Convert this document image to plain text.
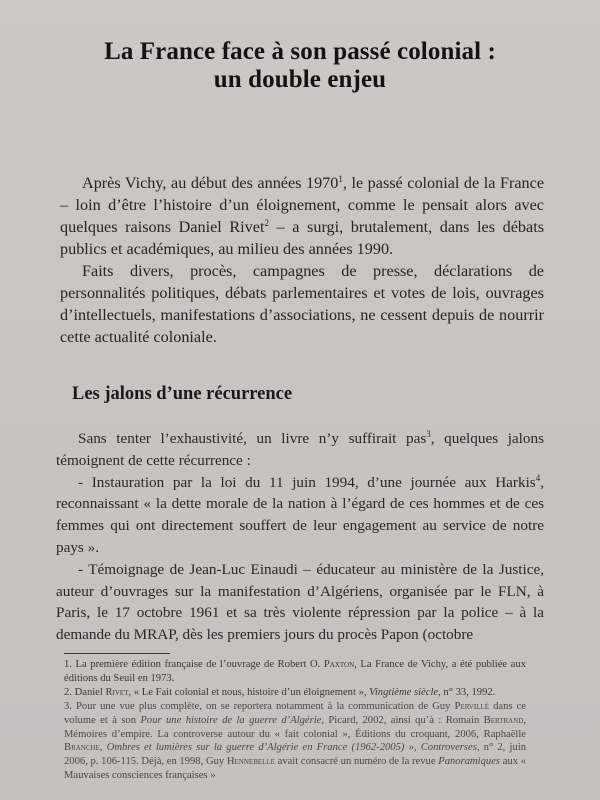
La France face à son passé colonial :
un double enjeu

Après Vichy, au début des années 1970$^1$, le passé colonial de la France – loin d’être l’histoire d’un éloignement, comme le pensait alors avec quelques raisons Daniel Rivet$^2$ – a surgi, brutalement, dans les débats publics et académiques, au milieu des années 1990.

Faits divers, procès, campagnes de presse, déclarations de personnalités politiques, débats parlementaires et votes de lois, ouvrages d’intellectuels, manifestations d’associations, ne cessent depuis de nourrir cette actualité coloniale.

Les jalons d’une récurrence

Sans tenter l’exhaustivité, un livre n’y suffirait pas$^3$, quelques jalons témoignent de cette récurrence :

- Instauration par la loi du 11 juin 1994, d’une journée aux Harkis$^4$, reconnaissant « la dette morale de la nation à l’égard de ces hommes et de ces femmes qui ont directement souffert de leur engagement au service de notre pays ».

- Témoignage de Jean-Luc Einaudi – éducateur au ministère de la Justice, auteur d’ouvrages sur la manifestation d’Algériens, organisée par le FLN, à Paris, le 17 octobre 1961 et sa très violente répression par la police – à la demande du MRAP, dès les premiers jours du procès Papon (octobre

1. La première édition française de l’ouvrage de Robert O. Paxton, La France de Vichy, a été publiée aux éditions du Seuil en 1973.

2. Daniel Rivet, « Le Fait colonial et nous, histoire d’un éloignement », Vingtième siècle, n° 33, 1992.

3. Pour une vue plus complète, on se reportera notamment à la communication de Guy Pervillé dans ce volume et à son Pour une histoire de la guerre d’Algérie, Picard, 2002, ainsi qu’à : Romain Bertrand, Mémoires d’empire. La controverse autour du « fait colonial », Éditions du croquant, 2006, Raphaëlle Branche, Ombres et lumières sur la guerre d’Algérie en France (1962-2005) », Controverses, n° 2, juin 2006, p. 106-115. Déjà, en 1998, Guy Hennebelle avait consacré un numéro de la revue Panoramiques aux « Mauvaises consciences françaises »
